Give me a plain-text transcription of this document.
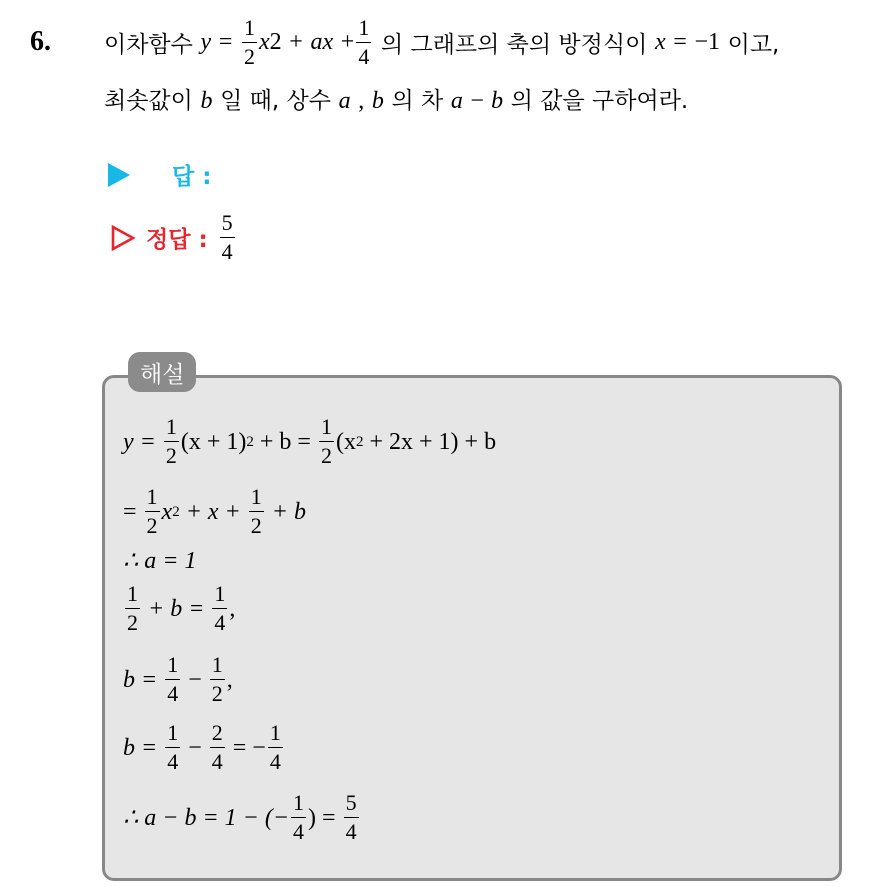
6. 이차함수
y
=
$\frac{1}{2}$ x 2
+
ax
+ $\frac{1}{4}$
의 그래프의 축의 방정식이
x
=
−1
이고,
최솟값이 b 일 때, 상수 a , b 의 차 a − b 의 값을 구하여라.
답 :
정답 : $\frac{5}{4}$
해설
y =
$\frac{1}{2} (x + 1)$ 2
+ b =
$\frac{1}{2} (x$ 2
+ 2x + 1) + b
=
$\frac{1}{2}$ x 2
+ x +
$\frac{1}{2}$
+ b
∴ a = 1
$\frac{1}{2}$
+ b =
$\frac{1}{4}$ ,
b =
$\frac{1}{4}$
−
$\frac{1}{2}$ ,
b =
$\frac{1}{4}$
−
$\frac{2}{4}$
= − $\frac{1}{4}$
∴ a − b = 1 − (− $\frac{1}{4}$ ) =
$\frac{5}{4}$
